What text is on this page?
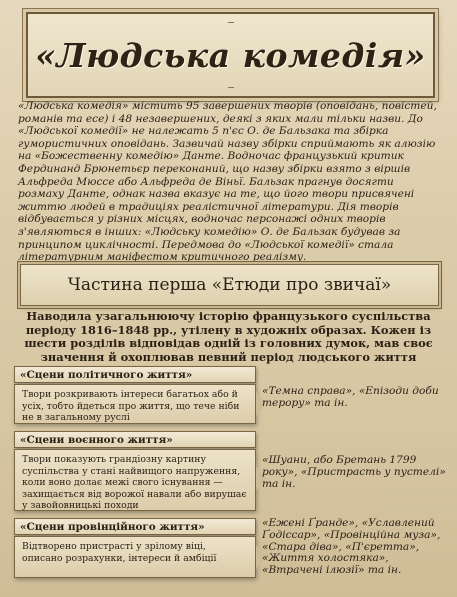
«Людська комедія»
«Людська комедія» містить 95 завершених творів (оповідань, повістей, романів та есе) і 48 незавершених, деякі з яких мали тільки назви. До «Людської комедії» не належать 5 п'єс О. де Бальзака та збірка гумористичних оповідань. Зазвичай назву збірки сприймають як алюзію на «Божественну комедію» Данте. Водночас французький критик Фердинанд Брюнетьєр переконаний, що назву збірки взято з віршів Альфреда Мюссе або Альфреда де Віньї. Бальзак прагнув досягти розмаху Данте, однак назва вказує на те, що його твори присвячені життю людей в традиціях реалістичної літератури. Дія творів відбувається у різних місцях, водночас персонажі одних творів з'являються в інших: «Людську комедію» О. де Бальзак будував за принципом циклічності. Передмова до «Людської комедії» стала літературним маніфестом критичного реалізму.
Частина перша «Етюди про звичаї»
Наводила узагальнюючу історію французького суспільства періоду 1816–1848 рр., утілену в художніх образах. Кожен із шести розділів відповідав одній із головних думок, мав своє значення й охоплював певний період людського життя
«Сцени політичного життя»
Твори розкривають інтереси багатьох або й усіх, тобто йдеться про життя, що тече ніби не в загальному руслі
«Темна справа», «Епізоди доби терору» та ін.
«Сцени воєнного життя»
Твори показують грандіозну картину суспільства у стані найвищого напруження, коли воно долає межі свого існування — захищається від ворожої навали або вирушає у завойовницькі походи
«Шуани, або Бретань 1799 року», «Пристрасть у пустелі» та ін.
«Сцени провінційного життя»
Відтворено пристрасті у зрілому віці, описано розрахунки, інтереси й амбіції
«Ежені Ґранде», «Уславлений Ґодіссар», «Провінційна муза», «Стара діва», «П'єретта», «Життя холостяка», «Втрачені ілюзії» та ін.
